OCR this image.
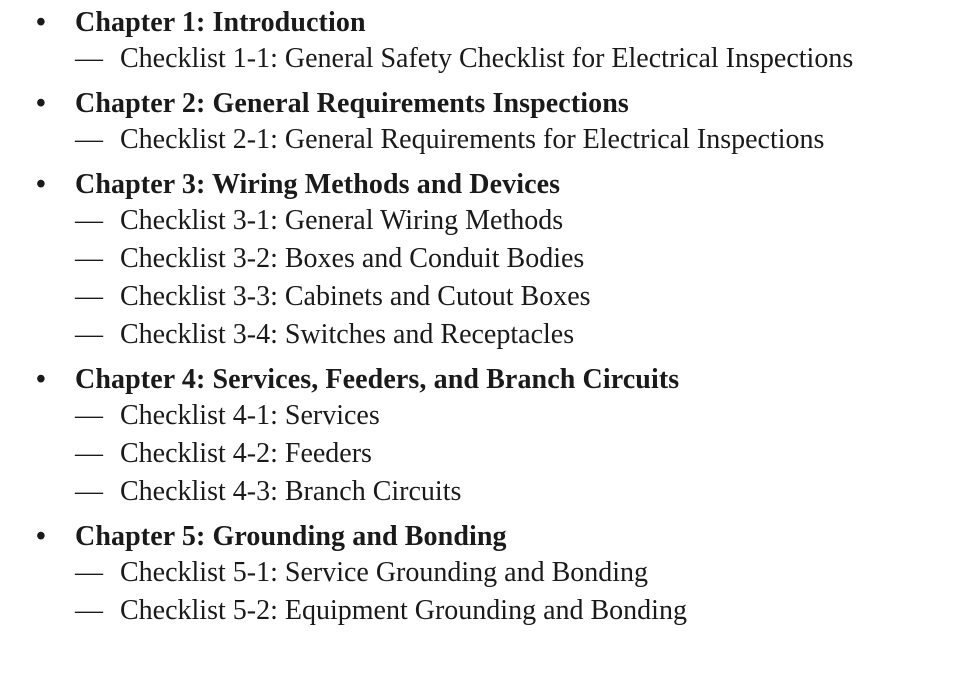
• Chapter 1: Introduction
— Checklist 1-1: General Safety Checklist for Electrical Inspections
• Chapter 2: General Requirements Inspections
— Checklist 2-1: General Requirements for Electrical Inspections
• Chapter 3: Wiring Methods and Devices
— Checklist 3-1: General Wiring Methods
— Checklist 3-2: Boxes and Conduit Bodies
— Checklist 3-3: Cabinets and Cutout Boxes
— Checklist 3-4: Switches and Receptacles
• Chapter 4: Services, Feeders, and Branch Circuits
— Checklist 4-1: Services
— Checklist 4-2: Feeders
— Checklist 4-3: Branch Circuits
• Chapter 5: Grounding and Bonding
— Checklist 5-1: Service Grounding and Bonding
— Checklist 5-2: Equipment Grounding and Bonding
